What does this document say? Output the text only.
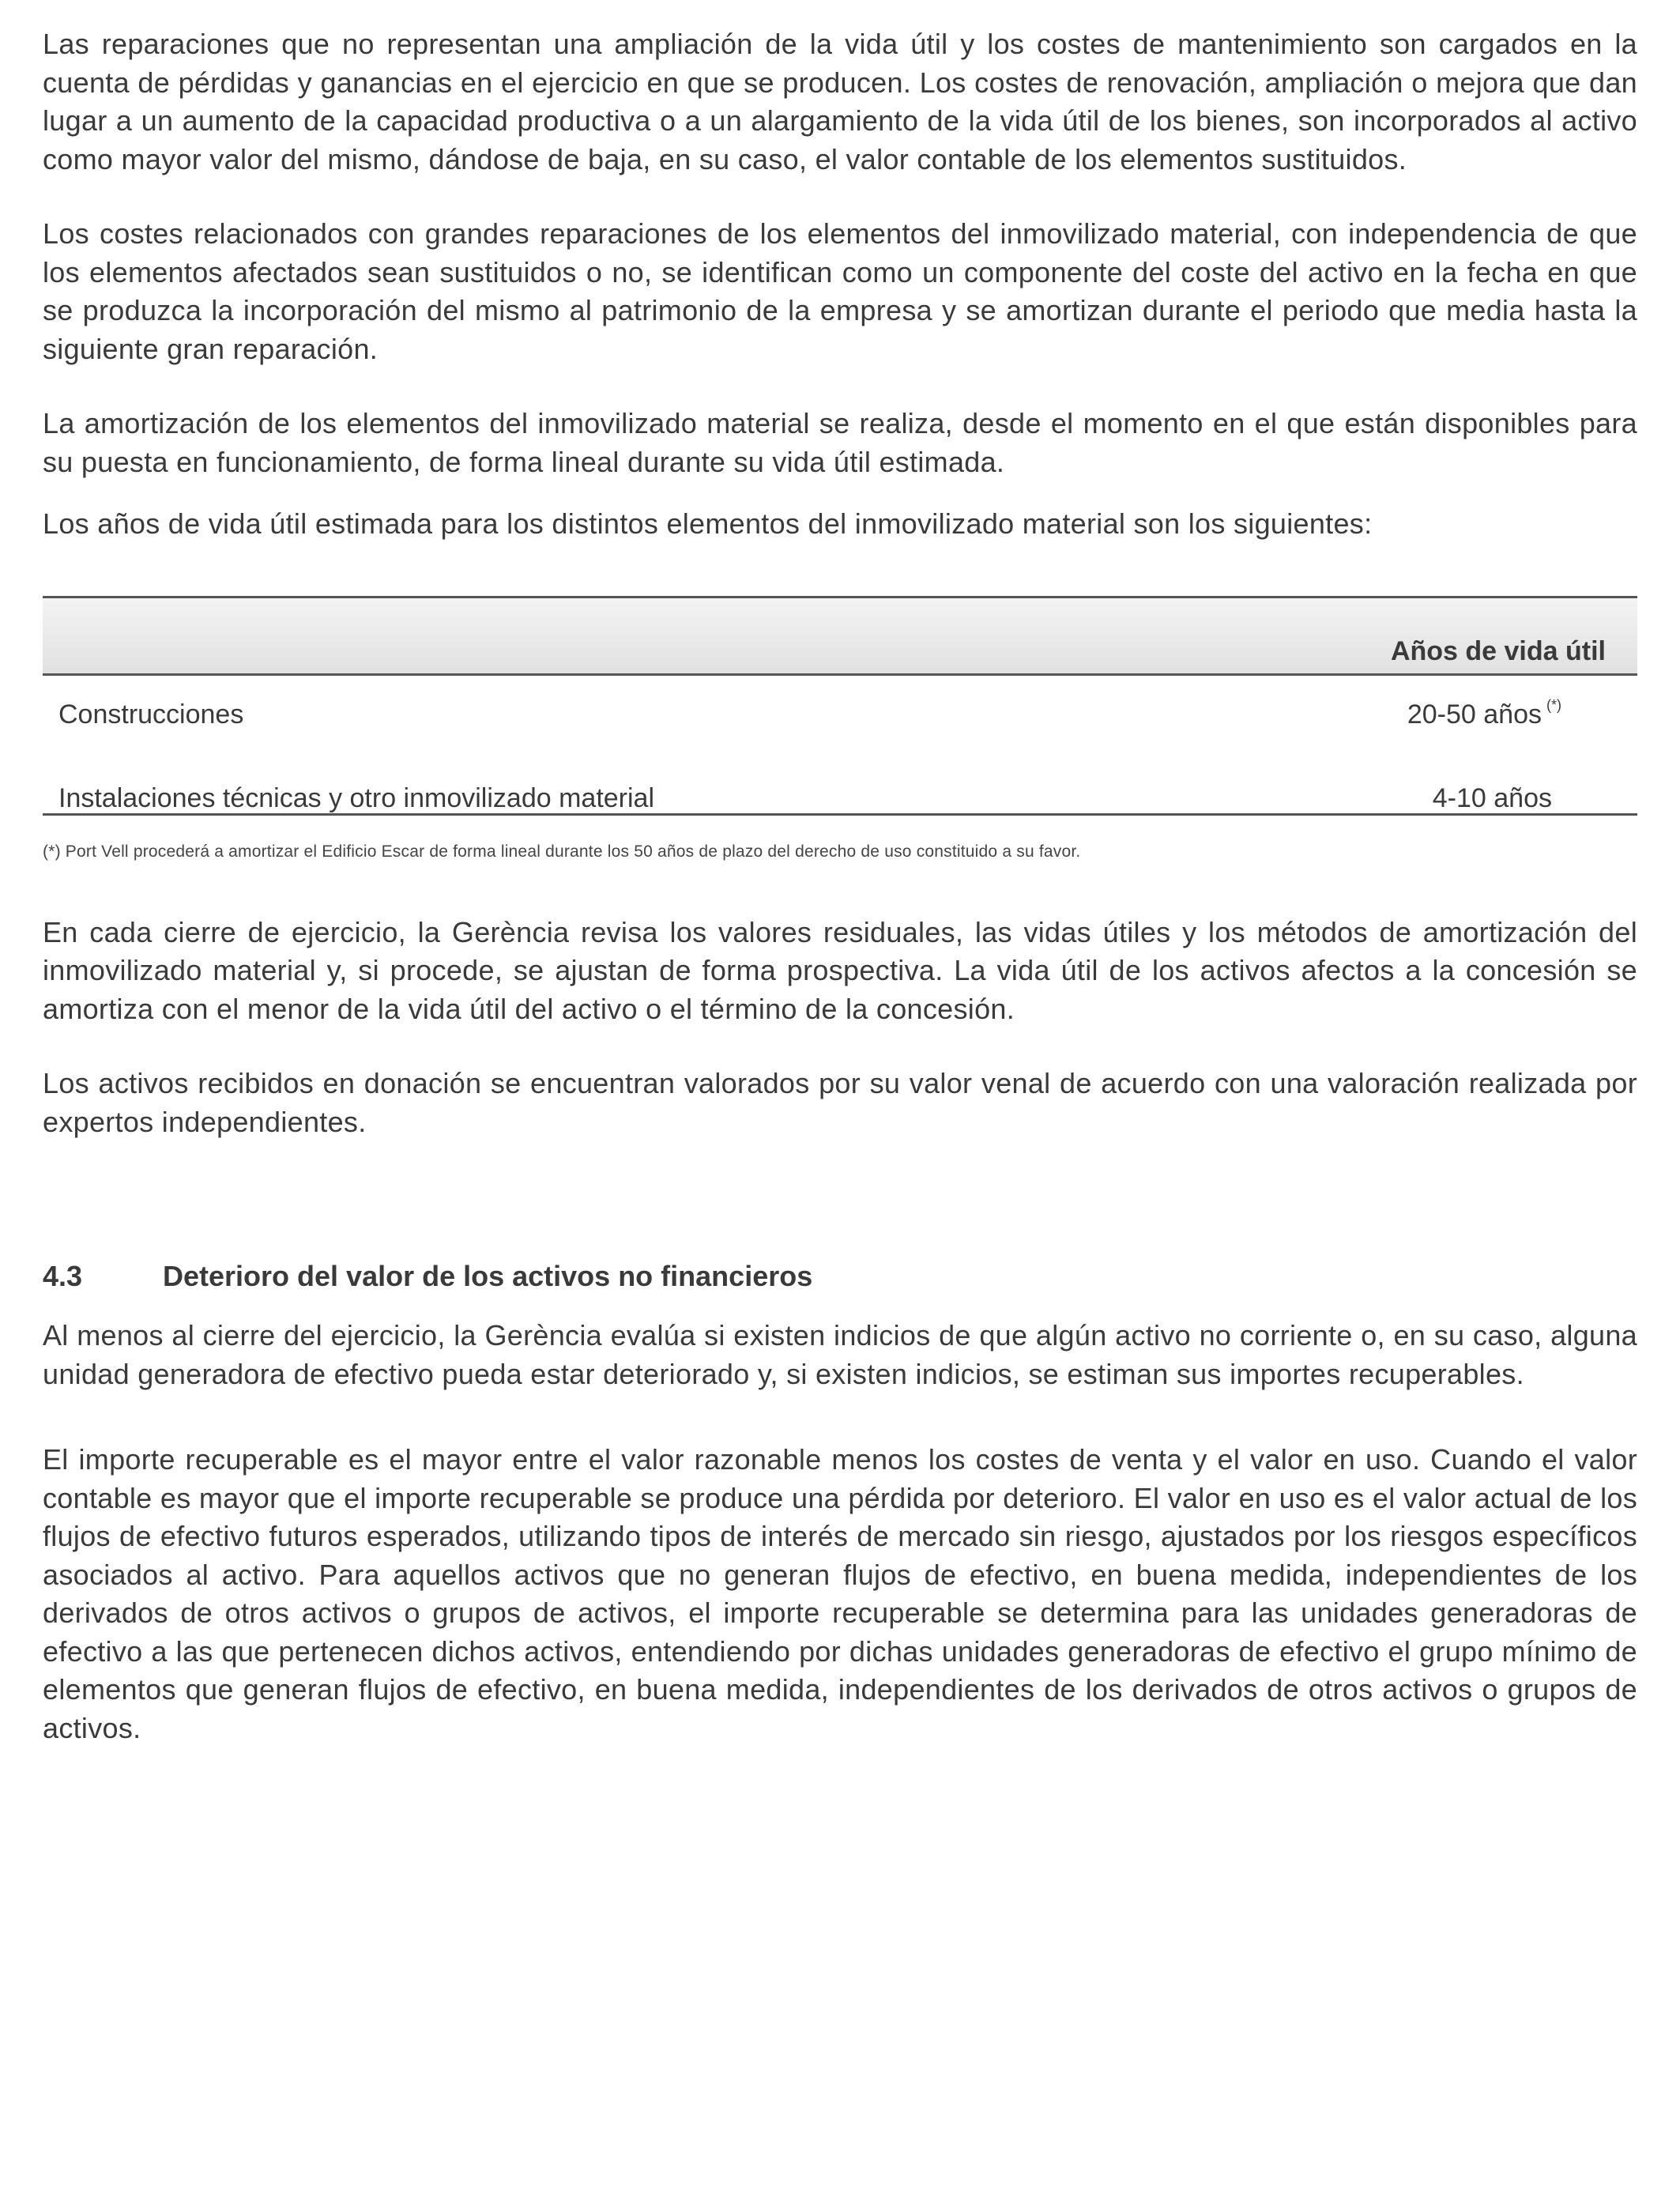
Las reparaciones que no representan una ampliación de la vida útil y los costes de mantenimiento son cargados en la cuenta de pérdidas y ganancias en el ejercicio en que se producen. Los costes de renovación, ampliación o mejora que dan lugar a un aumento de la capacidad productiva o a un alargamiento de la vida útil de los bienes, son incorporados al activo como mayor valor del mismo, dándose de baja, en su caso, el valor contable de los elementos sustituidos.

Los costes relacionados con grandes reparaciones de los elementos del inmovilizado material, con independencia de que los elementos afectados sean sustituidos o no, se identifican como un componente del coste del activo en la fecha en que se produzca la incorporación del mismo al patrimonio de la empresa y se amortizan durante el periodo que media hasta la siguiente gran reparación.

La amortización de los elementos del inmovilizado material se realiza, desde el momento en el que están disponibles para su puesta en funcionamiento, de forma lineal durante su vida útil estimada.

Los años de vida útil estimada para los distintos elementos del inmovilizado material son los siguientes:

Años de vida útil
Construcciones	20-50 años (*)
Instalaciones técnicas y otro inmovilizado material	4-10 años
(*) Port Vell procederá a amortizar el Edificio Escar de forma lineal durante los 50 años de plazo del derecho de uso constituido a su favor.

En cada cierre de ejercicio, la Gerència revisa los valores residuales, las vidas útiles y los métodos de amortización del inmovilizado material y, si procede, se ajustan de forma prospectiva. La vida útil de los activos afectos a la concesión se amortiza con el menor de la vida útil del activo o el término de la concesión.

Los activos recibidos en donación se encuentran valorados por su valor venal de acuerdo con una valoración realizada por expertos independientes.

4.3	Deterioro del valor de los activos no financieros

Al menos al cierre del ejercicio, la Gerència evalúa si existen indicios de que algún activo no corriente o, en su caso, alguna unidad generadora de efectivo pueda estar deteriorado y, si existen indicios, se estiman sus importes recuperables.

El importe recuperable es el mayor entre el valor razonable menos los costes de venta y el valor en uso. Cuando el valor contable es mayor que el importe recuperable se produce una pérdida por deterioro. El valor en uso es el valor actual de los flujos de efectivo futuros esperados, utilizando tipos de interés de mercado sin riesgo, ajustados por los riesgos específicos asociados al activo. Para aquellos activos que no generan flujos de efectivo, en buena medida, independientes de los derivados de otros activos o grupos de activos, el importe recuperable se determina para las unidades generadoras de efectivo a las que pertenecen dichos activos, entendiendo por dichas unidades generadoras de efectivo el grupo mínimo de elementos que generan flujos de efectivo, en buena medida, independientes de los derivados de otros activos o grupos de activos.
